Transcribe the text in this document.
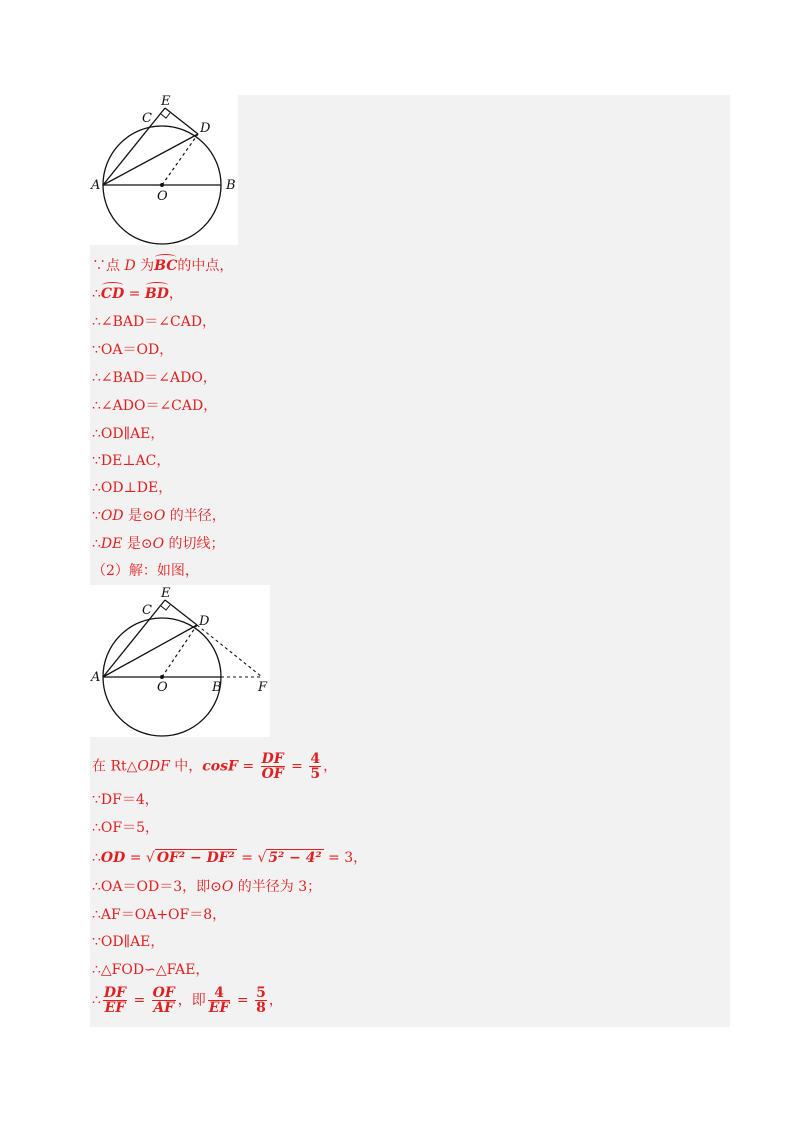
E
C
D
A
O
B
∵点 D 为BC的中点，
∴CD = BD，
∴∠BAD＝∠CAD，
∵OA＝OD，
∴∠BAD＝∠ADO，
∴∠ADO＝∠CAD，
∴OD∥AE，
∵DE⊥AC，
∴OD⊥DE，
∵OD 是⊙O 的半径，
∴DE 是⊙O 的切线；
（2）解：如图，
E
C
D
A
O	B	F
在 Rt△ODF 中，$\cos F = \frac{DF}{OF} = \frac{4}{5}$ ，
∵DF＝4，
∴OF＝5，
∴OD = √ OF² − DF² = √ 5² − 4² = 3，
∴OA＝OD＝3，即⊙O 的半径为 3；
∴AF＝OA+OF＝8，
∵OD∥AE，
∴△FOD∽△FAE，
∴ $\frac{DF}{EF} = \frac{OF}{AF}$ ，即 $\frac{4}{EF} = \frac{5}{8}$ ，
